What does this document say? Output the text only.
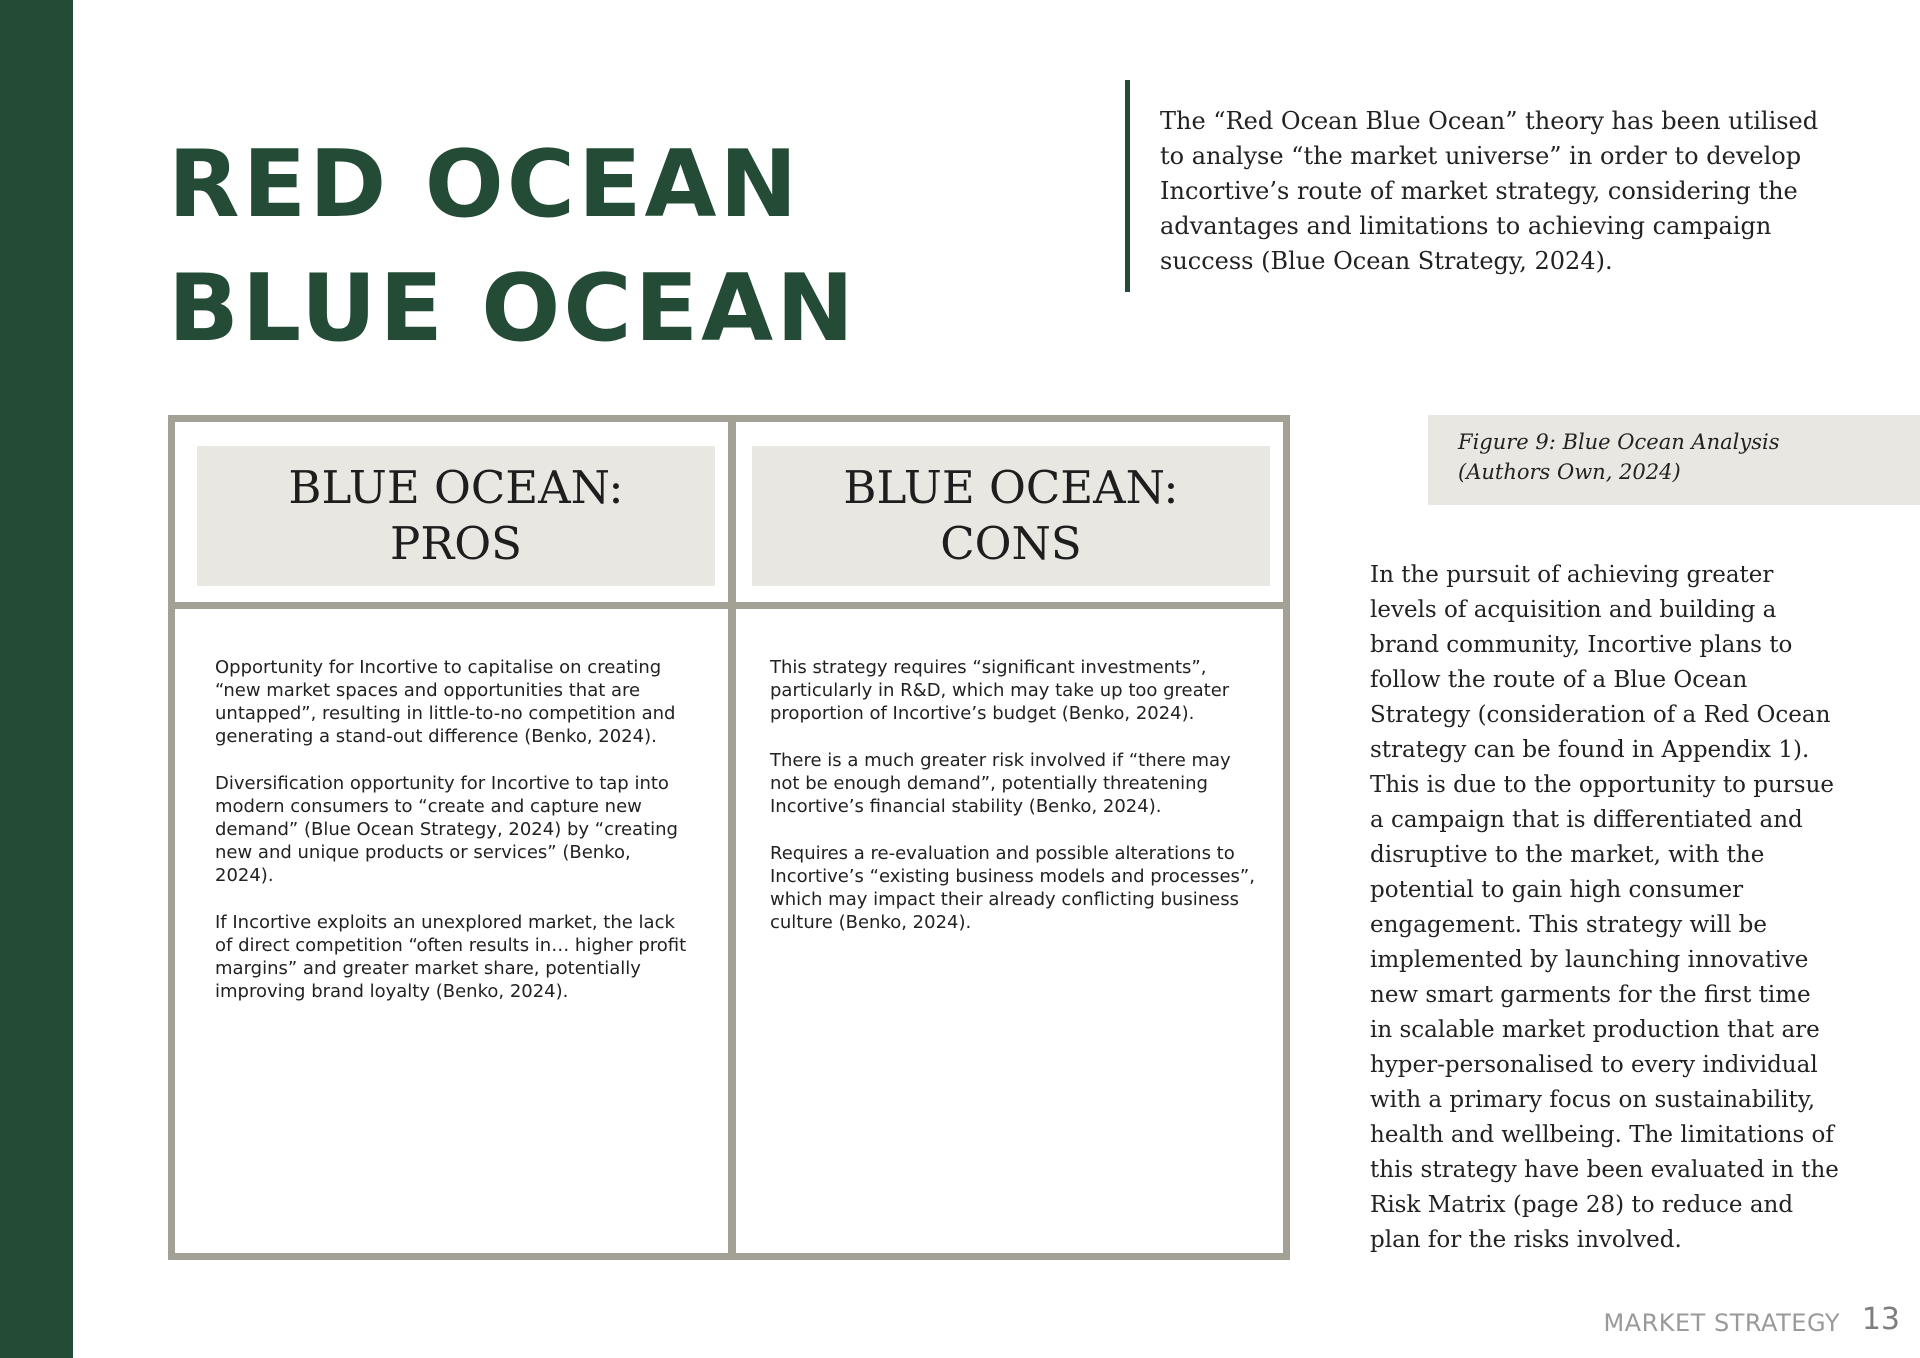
RED OCEAN BLUE OCEAN

The “Red Ocean Blue Ocean” theory has been utilised to analyse “the market universe” in order to develop Incortive’s route of market strategy, considering the advantages and limitations to achieving campaign success (Blue Ocean Strategy, 2024).

BLUE OCEAN:
PROS
BLUE OCEAN:
CONS

Opportunity for Incortive to capitalise on creating “new market spaces and opportunities that are untapped”, resulting in little-to-no competition and generating a stand-out difference (Benko, 2024).

Diversification opportunity for Incortive to tap into modern consumers to “create and capture new demand” (Blue Ocean Strategy, 2024) by “creating new and unique products or services” (Benko, 2024).

If Incortive exploits an unexplored market, the lack of direct competition “often results in… higher profit margins” and greater market share, potentially improving brand loyalty (Benko, 2024).

This strategy requires “significant investments”, particularly in R&D, which may take up too greater proportion of Incortive’s budget (Benko, 2024).

There is a much greater risk involved if “there may not be enough demand”, potentially threatening Incortive’s financial stability (Benko, 2024).

Requires a re-evaluation and possible alterations to Incortive’s “existing business models and processes”, which may impact their already conflicting business culture (Benko, 2024).

Figure 9: Blue Ocean Analysis
(Authors Own, 2024)

In the pursuit of achieving greater levels of acquisition and building a brand community, Incortive plans to follow the route of a Blue Ocean Strategy (consideration of a Red Ocean strategy can be found in Appendix 1). This is due to the opportunity to pursue a campaign that is differentiated and disruptive to the market, with the potential to gain high consumer engagement. This strategy will be implemented by launching innovative new smart garments for the first time in scalable market production that are hyper-personalised to every individual with a primary focus on sustainability, health and wellbeing. The limitations of this strategy have been evaluated in the Risk Matrix (page 28) to reduce and plan for the risks involved.

MARKET STRATEGY 13
